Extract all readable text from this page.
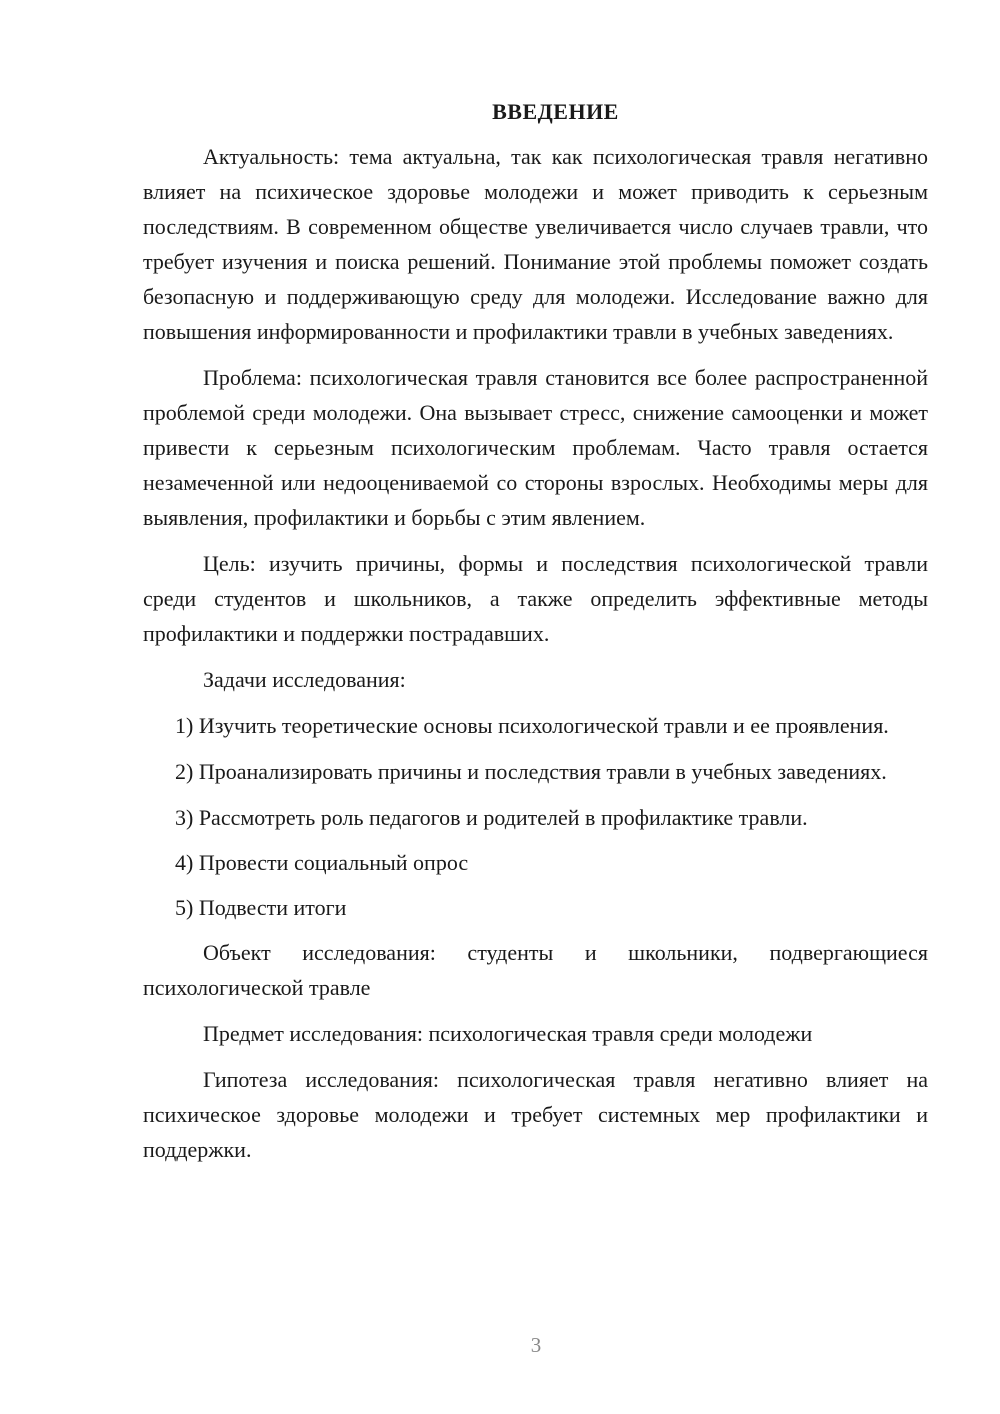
ВВЕДЕНИЕ
Актуальность: тема актуальна, так как психологическая травля негативно влияет на психическое здоровье молодежи и может приводить к серьезным последствиям. В современном обществе увеличивается число случаев травли, что требует изучения и поиска решений. Понимание этой проблемы поможет создать безопасную и поддерживающую среду для молодежи. Исследование важно для повышения информированности и профилактики травли в учебных заведениях.
Проблема: психологическая травля становится все более распространенной проблемой среди молодежи. Она вызывает стресс, снижение самооценки и может привести к серьезным психологическим проблемам. Часто травля остается незамеченной или недооцениваемой со стороны взрослых. Необходимы меры для выявления, профилактики и борьбы с этим явлением.
Цель: изучить причины, формы и последствия психологической травли среди студентов и школьников, а также определить эффективные методы профилактики и поддержки пострадавших.
Задачи исследования:
1) Изучить теоретические основы психологической травли и ее проявления.
2) Проанализировать причины и последствия травли в учебных заведениях.
3) Рассмотреть роль педагогов и родителей в профилактике травли.
4) Провести социальный опрос
5) Подвести итоги
Объект исследования: студенты и школьники, подвергающиеся психологической травле
Предмет исследования: психологическая травля среди молодежи
Гипотеза исследования: психологическая травля негативно влияет на психическое здоровье молодежи и требует системных мер профилактики и поддержки.
3
